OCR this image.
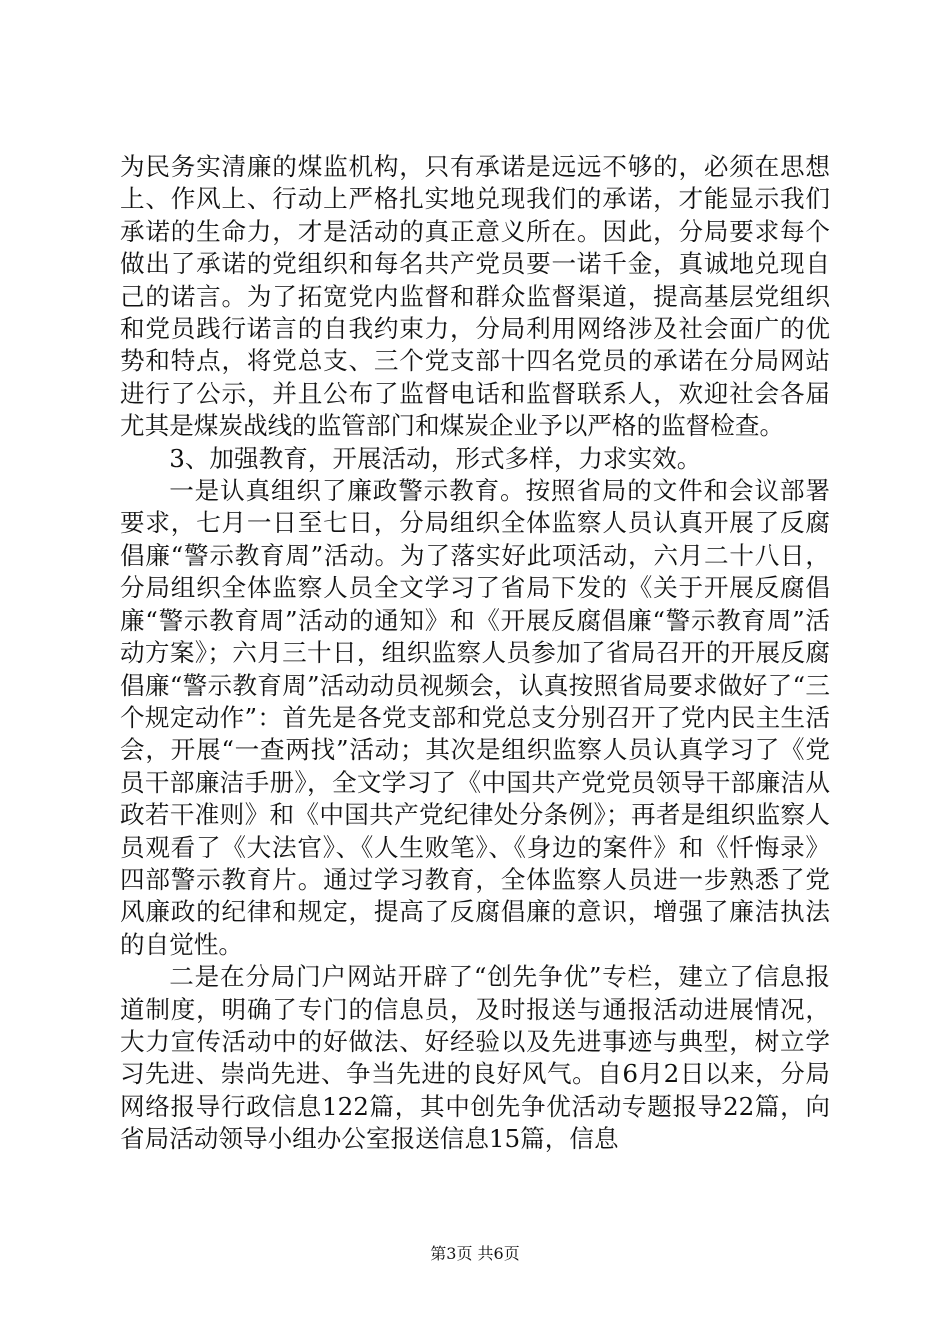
为民务实清廉的煤监机构，只有承诺是远远不够的，必须在思想上、作风上、行动上严格扎实地兑现我们的承诺，才能显示我们承诺的生命力，才是活动的真正意义所在。因此，分局要求每个做出了承诺的党组织和每名共产党员要一诺千金，真诚地兑现自己的诺言。为了拓宽党内监督和群众监督渠道，提高基层党组织和党员践行诺言的自我约束力，分局利用网络涉及社会面广的优势和特点，将党总支、三个党支部十四名党员的承诺在分局网站进行了公示，并且公布了监督电话和监督联系人，欢迎社会各届尤其是煤炭战线的监管部门和煤炭企业予以严格的监督检查。

3、加强教育，开展活动，形式多样，力求实效。

一是认真组织了廉政警示教育。按照省局的文件和会议部署要求，七月一日至七日，分局组织全体监察人员认真开展了反腐倡廉“警示教育周”活动。为了落实好此项活动，六月二十八日，分局组织全体监察人员全文学习了省局下发的《关于开展反腐倡廉“警示教育周”活动的通知》和《开展反腐倡廉“警示教育周”活动方案》；六月三十日，组织监察人员参加了省局召开的开展反腐倡廉“警示教育周”活动动员视频会，认真按照省局要求做好了“三个规定动作”：首先是各党支部和党总支分别召开了党内民主生活会，开展“一查两找”活动；其次是组织监察人员认真学习了《党员干部廉洁手册》，全文学习了《中国共产党党员领导干部廉洁从政若干准则》和《中国共产党纪律处分条例》；再者是组织监察人员观看了《大法官》、《人生败笔》、《身边的案件》和《忏悔录》四部警示教育片。通过学习教育，全体监察人员进一步熟悉了党风廉政的纪律和规定，提高了反腐倡廉的意识，增强了廉洁执法的自觉性。

二是在分局门户网站开辟了“创先争优”专栏，建立了信息报道制度，明确了专门的信息员，及时报送与通报活动进展情况，大力宣传活动中的好做法、好经验以及先进事迹与典型，树立学习先进、崇尚先进、争当先进的良好风气。自6月2日以来，分局网络报导行政信息122篇，其中创先争优活动专题报导22篇，向省局活动领导小组办公室报送信息15篇，信息

第3页 共6页
